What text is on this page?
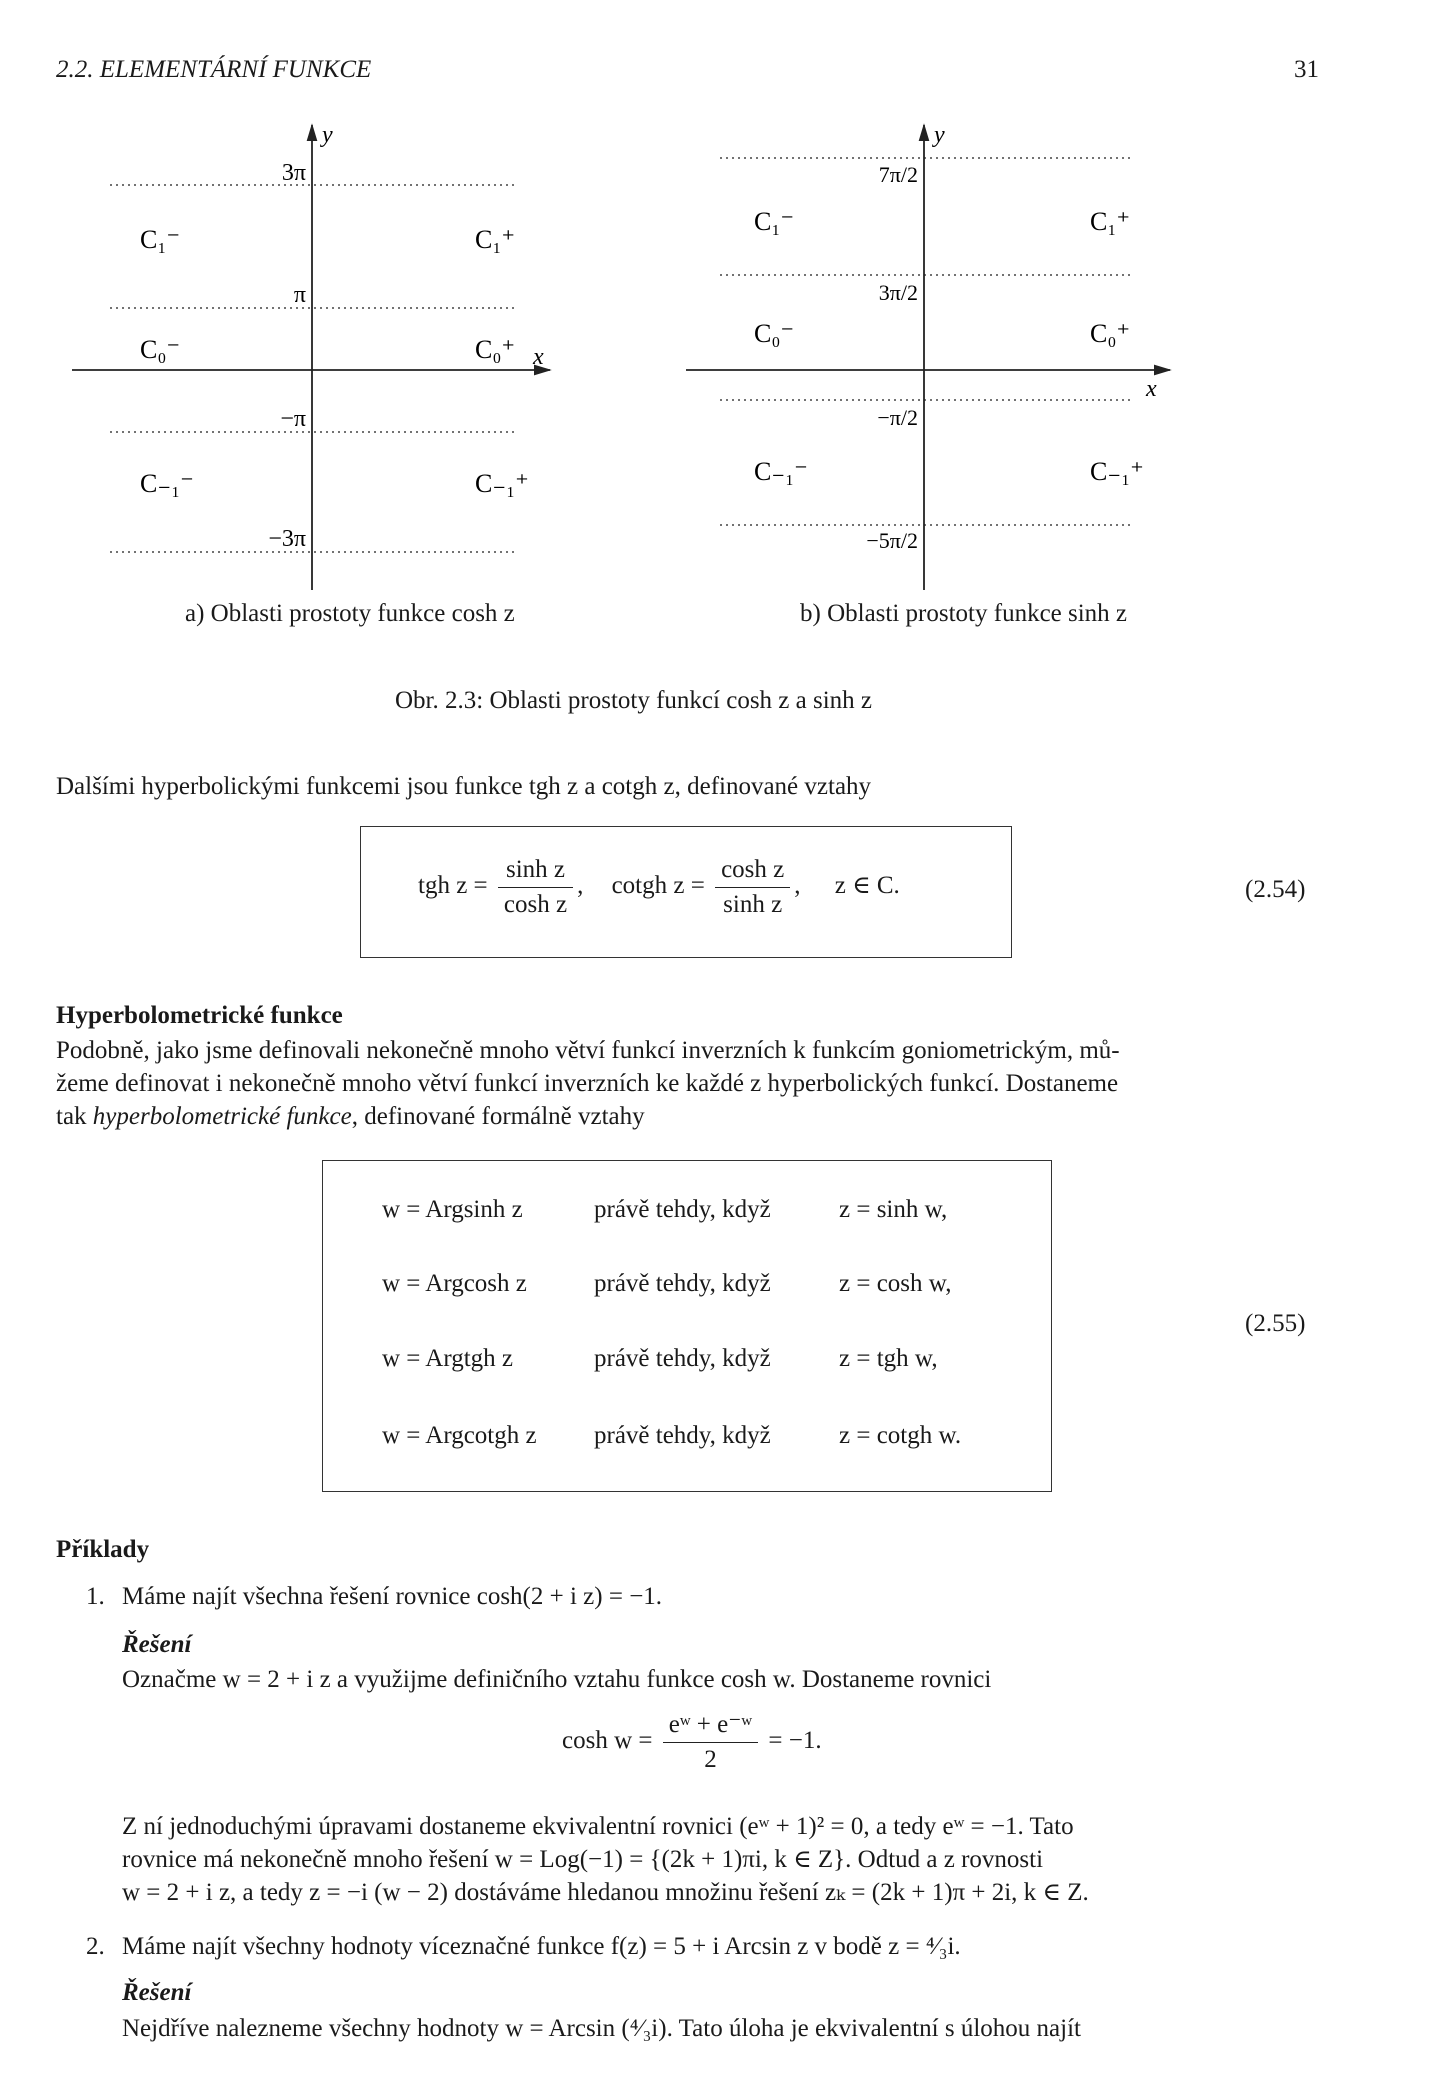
2.2. ELEMENTÁRNÍ FUNKCE	31
y
x
3π
π
−π
−3π
C₁⁻	C₁⁺
C₀⁻	C₀⁺
C₋₁⁻	C₋₁⁺
a) Oblasti prostoty funkce cosh z
y
x
7π/2
3π/2
−π/2
−5π/2
C₁⁻	C₁⁺
C₀⁻	C₀⁺
C₋₁⁻	C₋₁⁺
b) Oblasti prostoty funkce sinh z
Obr. 2.3: Oblasti prostoty funkcí cosh z a sinh z
Dalšími hyperbolickými funkcemi jsou funkce tgh z a cotgh z, definované vztahy
tgh $z = \frac{\text{sinh z}}{\text{cosh z}}$ , cotgh $z = \frac{\text{cosh z}}{\text{sinh z}}$ , z ∈ C.	(2.54)
Hyperbolometrické funkce
Podobně, jako jsme definovali nekonečně mnoho větví funkcí inverzních k funkcím goniometrickým, mů-
žeme definovat i nekonečně mnoho větví funkcí inverzních ke každé z hyperbolických funkcí. Dostaneme
tak hyperbolometrické funkce, definované formálně vztahy
w = Argsinh z	právě tehdy, když	z = sinh w,
w = Argcosh z	právě tehdy, když	z = cosh w,
w = Argtgh z	právě tehdy, když	z = tgh w,
w = Argcotgh z právě tehdy, když	z = cotgh w.
(2.55)
Příklady
1. Máme najít všechna řešení rovnice cosh(2 + i z) = −1.
Řešení
Označme w = 2 + i z a využijme definičního vztahu funkce cosh w. Dostaneme rovnici
$\cosh w = \frac{\text{eʷ + e⁻ʷ}}{2} = -1$.
Z ní jednoduchými úpravami dostaneme ekvivalentní rovnici (eʷ + 1)² = 0, a tedy eʷ = −1. Tato
rovnice má nekonečně mnoho řešení w = Log(−1) = {(2k + 1)πi, k ∈ Z}. Odtud a z rovnosti
w = 2 + i z, a tedy z = −i (w − 2) dostáváme hledanou množinu řešení zₖ = (2k + 1)π + 2i, k ∈ Z.
2. Máme najít všechny hodnoty víceznačné funkce f(z) = 5 + i Arcsin z v bodě z = ⁴⁄₃i.
Řešení
Nejdříve nalezneme všechny hodnoty w = Arcsin (⁴⁄₃i). Tato úloha je ekvivalentní s úlohou najít
